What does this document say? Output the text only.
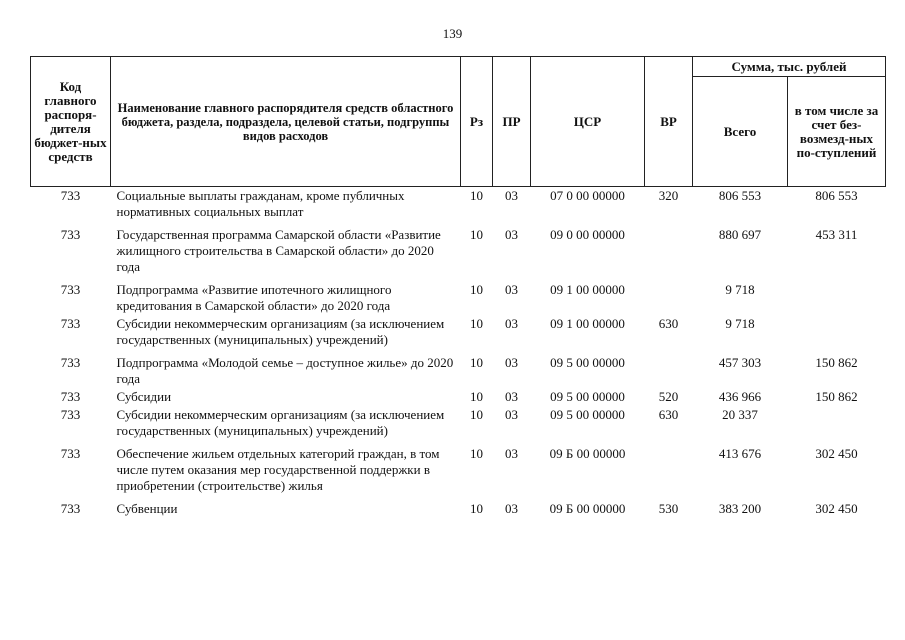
139
Код главного распоря-дителя бюджет-ных средств	Наименование главного распорядителя средств областного бюджета, раздела, подраздела, целевой статьи, подгруппы видов расходов	Рз	ПР	ЦСР	ВР	Сумма, тыс. рублей	
						Всего	в том числе за счет без-возмезд-ных по-ступлений
733	Социальные выплаты гражданам, кроме публичных нормативных социальных выплат	10	03	07 0 00 00000	320	806 553	806 553
733	Государственная программа Самарской области «Развитие жилищного строительства в Самарской области» до 2020 года	10	03	09 0 00 00000		880 697	453 311
733	Подпрограмма «Развитие ипотечного жилищного кредитования в Самарской области» до 2020 года	10	03	09 1 00 00000		9 718	
733	Субсидии некоммерческим организациям (за исключением государственных (муниципальных) учреждений)	10	03	09 1 00 00000	630	9 718	
733	Подпрограмма «Молодой семье – доступное жилье» до 2020 года	10	03	09 5 00 00000		457 303	150 862
733	Субсидии	10	03	09 5 00 00000	520	436 966	150 862
733	Субсидии некоммерческим организациям (за исключением государственных (муниципальных) учреждений)	10	03	09 5 00 00000	630	20 337	
733	Обеспечение жильем отдельных категорий граждан, в том числе путем оказания мер государственной поддержки в приобретении (строительстве) жилья	10	03	09 Б 00 00000		413 676	302 450
733	Субвенции	10	03	09 Б 00 00000	530	383 200	302 450
